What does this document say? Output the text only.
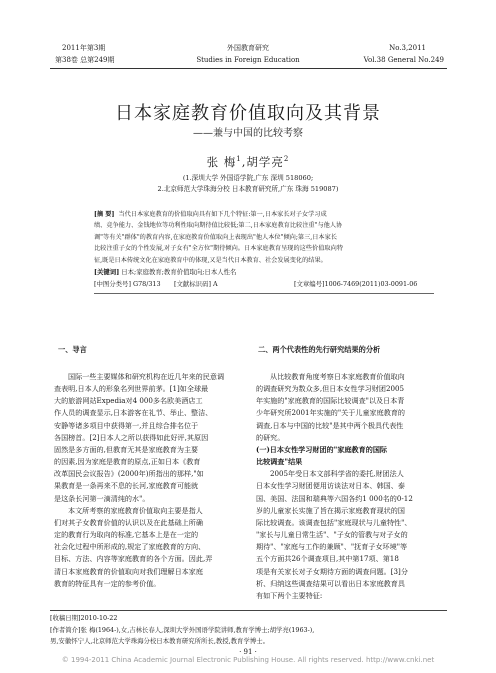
2011年第3期
第38卷 总第249期
外国教育研究
Studies in Foreign Education
No.3,2011
Vol.38 General No.249
日本家庭教育价值取向及其背景
——兼与中国的比较考察
张 梅$^1$,胡学亮$^2$
(1.深圳大学 外国语学院,广东 深圳 518060;
2.北京师范大学珠海分校 日本教育研究所,广东 珠海 519087)
[摘 要] 当代日本家庭教育的价值取向具有如下几个特征:第一,日本家长对子女学习成
绩、竞争能力、金钱地位等功利性取向期待值比较低;第二,日本家庭教育比较注重"与他人协
调"等有关"群体"的教育内容,在家庭教育价值取向上表现出"他人本位"倾向;第三,日本家长
比较注重子女的个性发展,对子女有"全方位"期待倾向。日本家庭教育呈现的这些价值取向特
征,既是日本传统文化在家庭教育中的体现,又是当代日本教育、社会发展变化的结果。
[关键词] 日本;家庭教育;教育价值取向;日本人性名
[中图分类号] G78/313 [文献标识码] A	[文章编号]1006-7469(2011)03-0091-06
一、导言	二、两个代表性的先行研究结果的分析

国际一些主要媒体和研究机构在近几年来的民意调
查表明,日本人的形象名列世界前茅。[1]如全球最
大的旅游网站Expedia对4 000多名欧美酒店工
作人员的调查显示,日本游客在礼节、举止、整洁、
安静等诸多项目中获得第一,并且综合排名位于
各国榜首。[2]日本人之所以获得如此好评,其原因
固然是多方面的,但教育无其是家庭教育为主要
的因素,因为家庭是教育的原点,正如日本《教育
改革国民会议报告》(2000年)所指出的那样,"如
果教育是一条再来不息的长河,家庭教育可能就
是这条长河第一滴清纯的水"。

本文所考察的家庭教育价值取向主要是指人
们对其子女教育价值的认识以及在此基础上所确
定的教育行为取向的标准,它基本上是在一定的
社会化过程中所形成的,规定了家庭教育的方向、
目标、方法、内容等家庭教育的各个方面。因此,弄
清日本家庭教育的价值取向对我们理解日本家庭
教育的特征具有一定的参考价值。

从比较教育角度考察日本家庭教育价值取向
的调查研究为数众多,但日本女性学习财团2005
年实施的"家庭教育的国际比较调查"以及日本青
少年研究所2001年实施的"关于儿童家庭教育的
调查,日本与中国的比较"是其中两个极具代表性
的研究。

(一)日本女性学习财团的"家庭教育的国际
比较调查"结果

2005年受日本文部科学省的委托,财团法人
日本女性学习财团便用访谈法对日本、韩国、泰
国、美国、法国和瑞典等六国各约1 000名的0-12
岁的儿童家长实施了旨在揭示家庭教育现状的国
际比较调查。该调查包括"家庭现状与儿童特性"、
"家长与儿童日常生活"、"子女的管教与对子女的
期待"、"家庭与工作的兼顾"、"抚育子女环境"等
五个方面共26个调查项目,其中第17项、第18
项是有关家长对子女期待方面的调查问题。[3]分
析、归纳这些调查结果可以看出日本家庭教育具
有如下两个主要特征:

[收稿日期]2010-10-22
[作者简介]张 梅(1964-),女,吉林长春人,深圳大学外国语学院讲师,教育学博士;胡学亮(1963-),
男,安徽怀宁人,北京师范大学珠海分校日本教育研究所所长,教授,教育学博士。
· 91 ·
© 1994-2011 China Academic Journal Electronic Publishing House. All rights reserved. http://www.cnki.net
